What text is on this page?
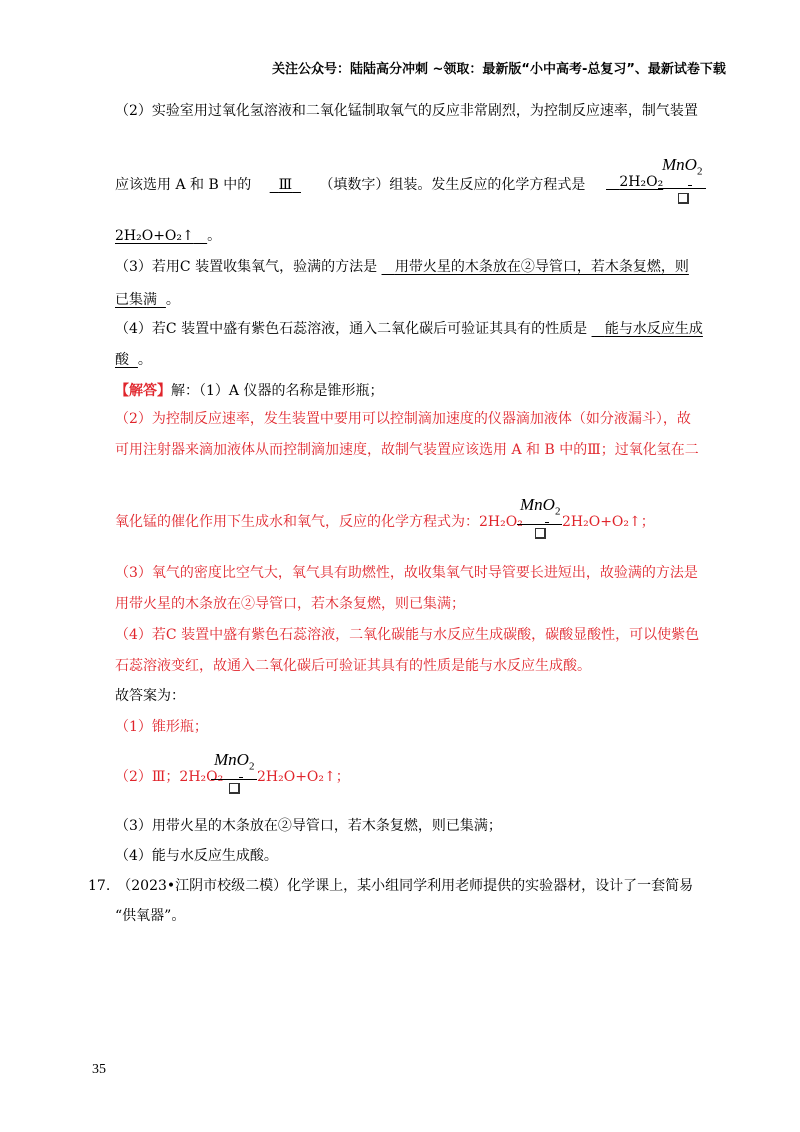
关注公众号：陆陆高分冲刺 ~领取：最新版“小中高考-总复习”、最新试卷下载
（2）实验室用过氧化氢溶液和二氧化锰制取氧气的反应非常剧烈，为控制反应速率，制气装置
应该选用 A 和 B 中的 Ⅲ （填数字）组装。发生反应的化学方程式是	2H₂O₂
MnO$_2$
2H₂O+O₂↑ 。
（3）若用C 装置收集氧气，验满的方法是 用带火星的木条放在②导管口，若木条复燃，则
已集满 。
（4）若C 装置中盛有紫色石蕊溶液，通入二氧化碳后可验证其具有的性质是 能与水反应生成
酸 。
【解答】解：（1）A 仪器的名称是锥形瓶；
（2）为控制反应速率，发生装置中要用可以控制滴加速度的仪器滴加液体（如分液漏斗），故
可用注射器来滴加液体从而控制滴加速度，故制气装置应该选用 A 和 B 中的Ⅲ；过氧化氢在二
氧化锰的催化作用下生成水和氧气，反应的化学方程式为：2H₂O₂
MnO$_2$
2H₂O+O₂↑；
（3）氧气的密度比空气大，氧气具有助燃性，故收集氧气时导管要长进短出，故验满的方法是
用带火星的木条放在②导管口，若木条复燃，则已集满；
（4）若C 装置中盛有紫色石蕊溶液，二氧化碳能与水反应生成碳酸，碳酸显酸性，可以使紫色
石蕊溶液变红，故通入二氧化碳后可验证其具有的性质是能与水反应生成酸。
故答案为：
（1）锥形瓶；
（2）Ⅲ；2H₂O₂
MnO$_2$
2H₂O+O₂↑；
（3）用带火星的木条放在②导管口，若木条复燃，则已集满；
（4）能与水反应生成酸。
17.　（2023•江阴市校级二模）化学课上，某小组同学利用老师提供的实验器材，设计了一套简易
“供氧器”。
35
